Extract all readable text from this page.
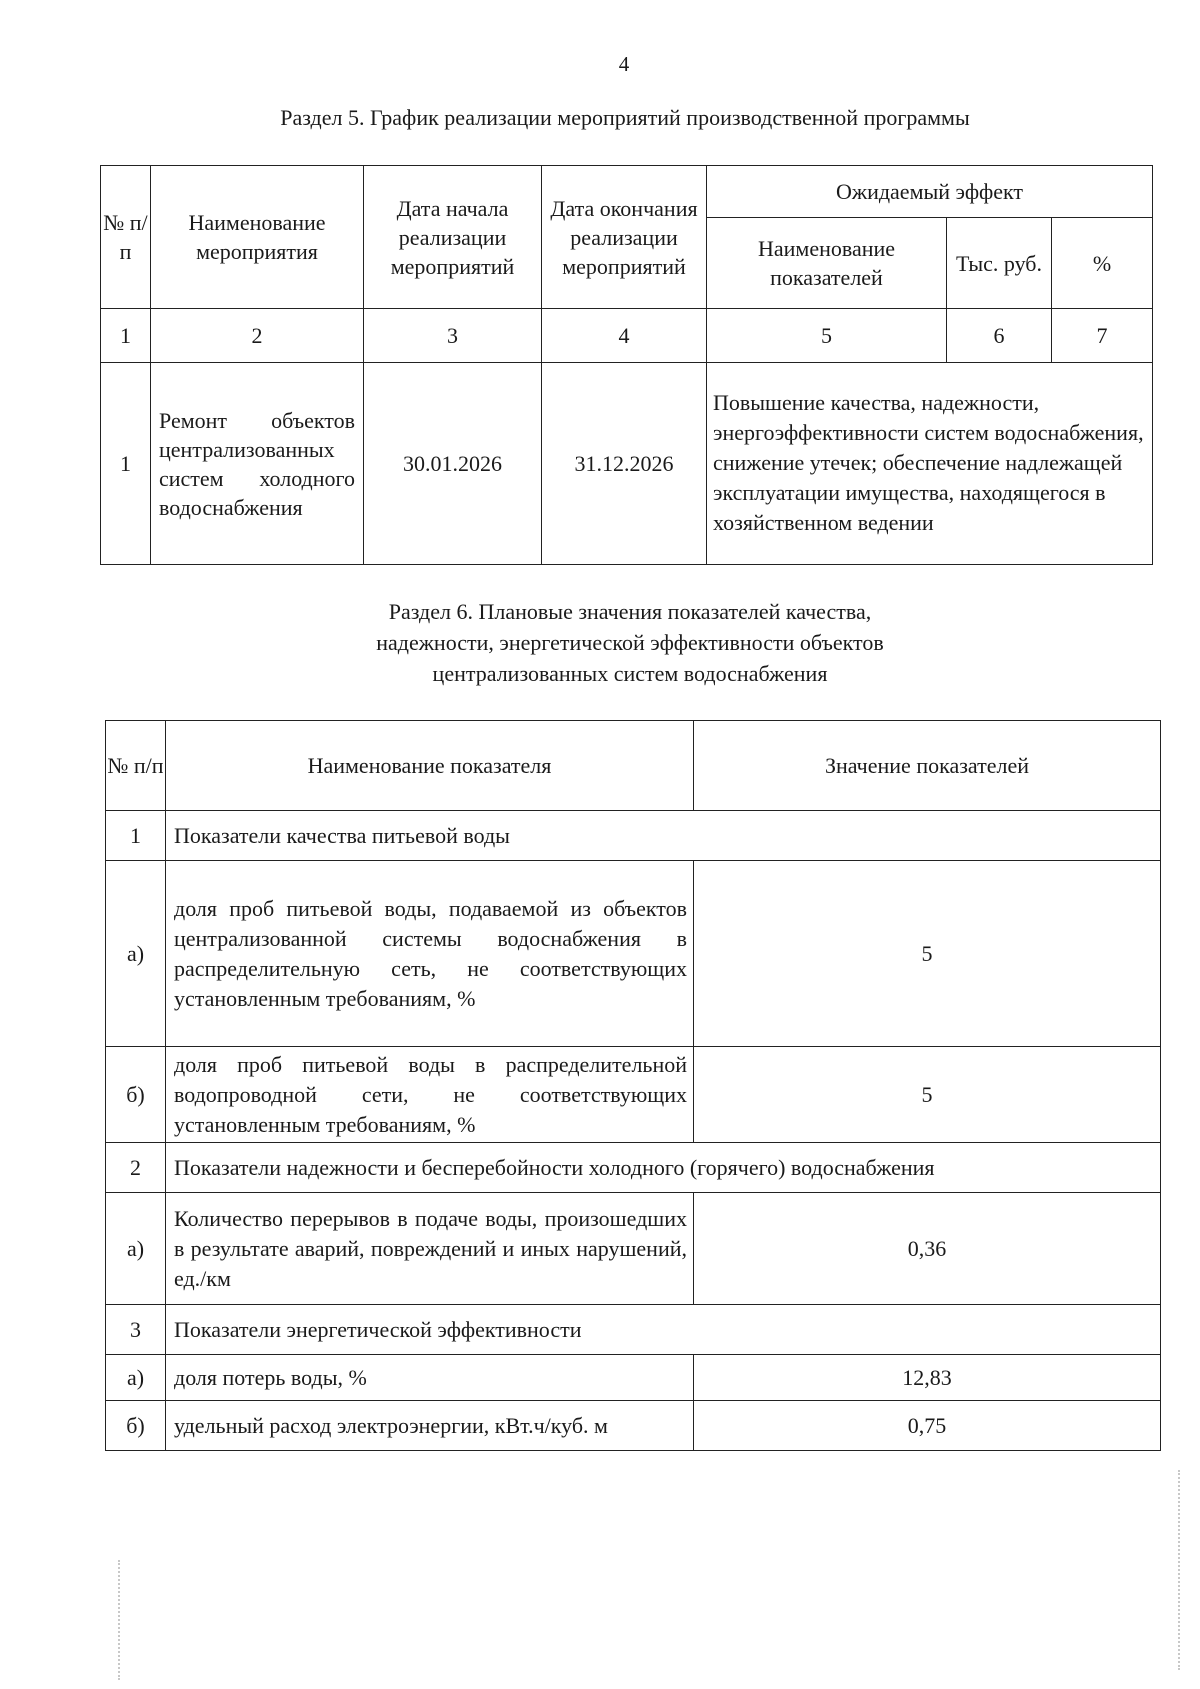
4
Раздел 5. График реализации мероприятий производственной программы
№ п/п	Наименование мероприятия	Дата начала реализации мероприятий	Дата окончания реализации мероприятий	Ожидаемый эффект		
				Наименование показателей	Тыс. руб.	%
1	2	3	4	5	6	7
1	Ремонт объектов централизованных систем холодного водоснабжения	30.01.2026	31.12.2026	Повышение качества, надежности, энергоэффективности систем водоснабжения, снижение утечек; обеспечение надлежащей эксплуатации имущества, находящегося в хозяйственном ведении		
Раздел 6. Плановые значения показателей качества,
надежности, энергетической эффективности объектов
централизованных систем водоснабжения
№ п/п	Наименование показателя	Значение показателей
1	Показатели качества питьевой воды	
а)	доля проб питьевой воды, подаваемой из объектов централизованной системы водоснабжения в распределительную сеть, не соответствующих установленным требованиям, %	5
б)	доля проб питьевой воды в распределительной водопроводной сети, не соответствующих установленным требованиям, %	5
2	Показатели надежности и бесперебойности холодного (горячего) водоснабжения	
а)	Количество перерывов в подаче воды, произошедших в результате аварий, повреждений и иных нарушений, ед./км	0,36
3	Показатели энергетической эффективности	
а)	доля потерь воды, %	12,83
б)	удельный расход электроэнергии, кВт.ч/куб. м	0,75
